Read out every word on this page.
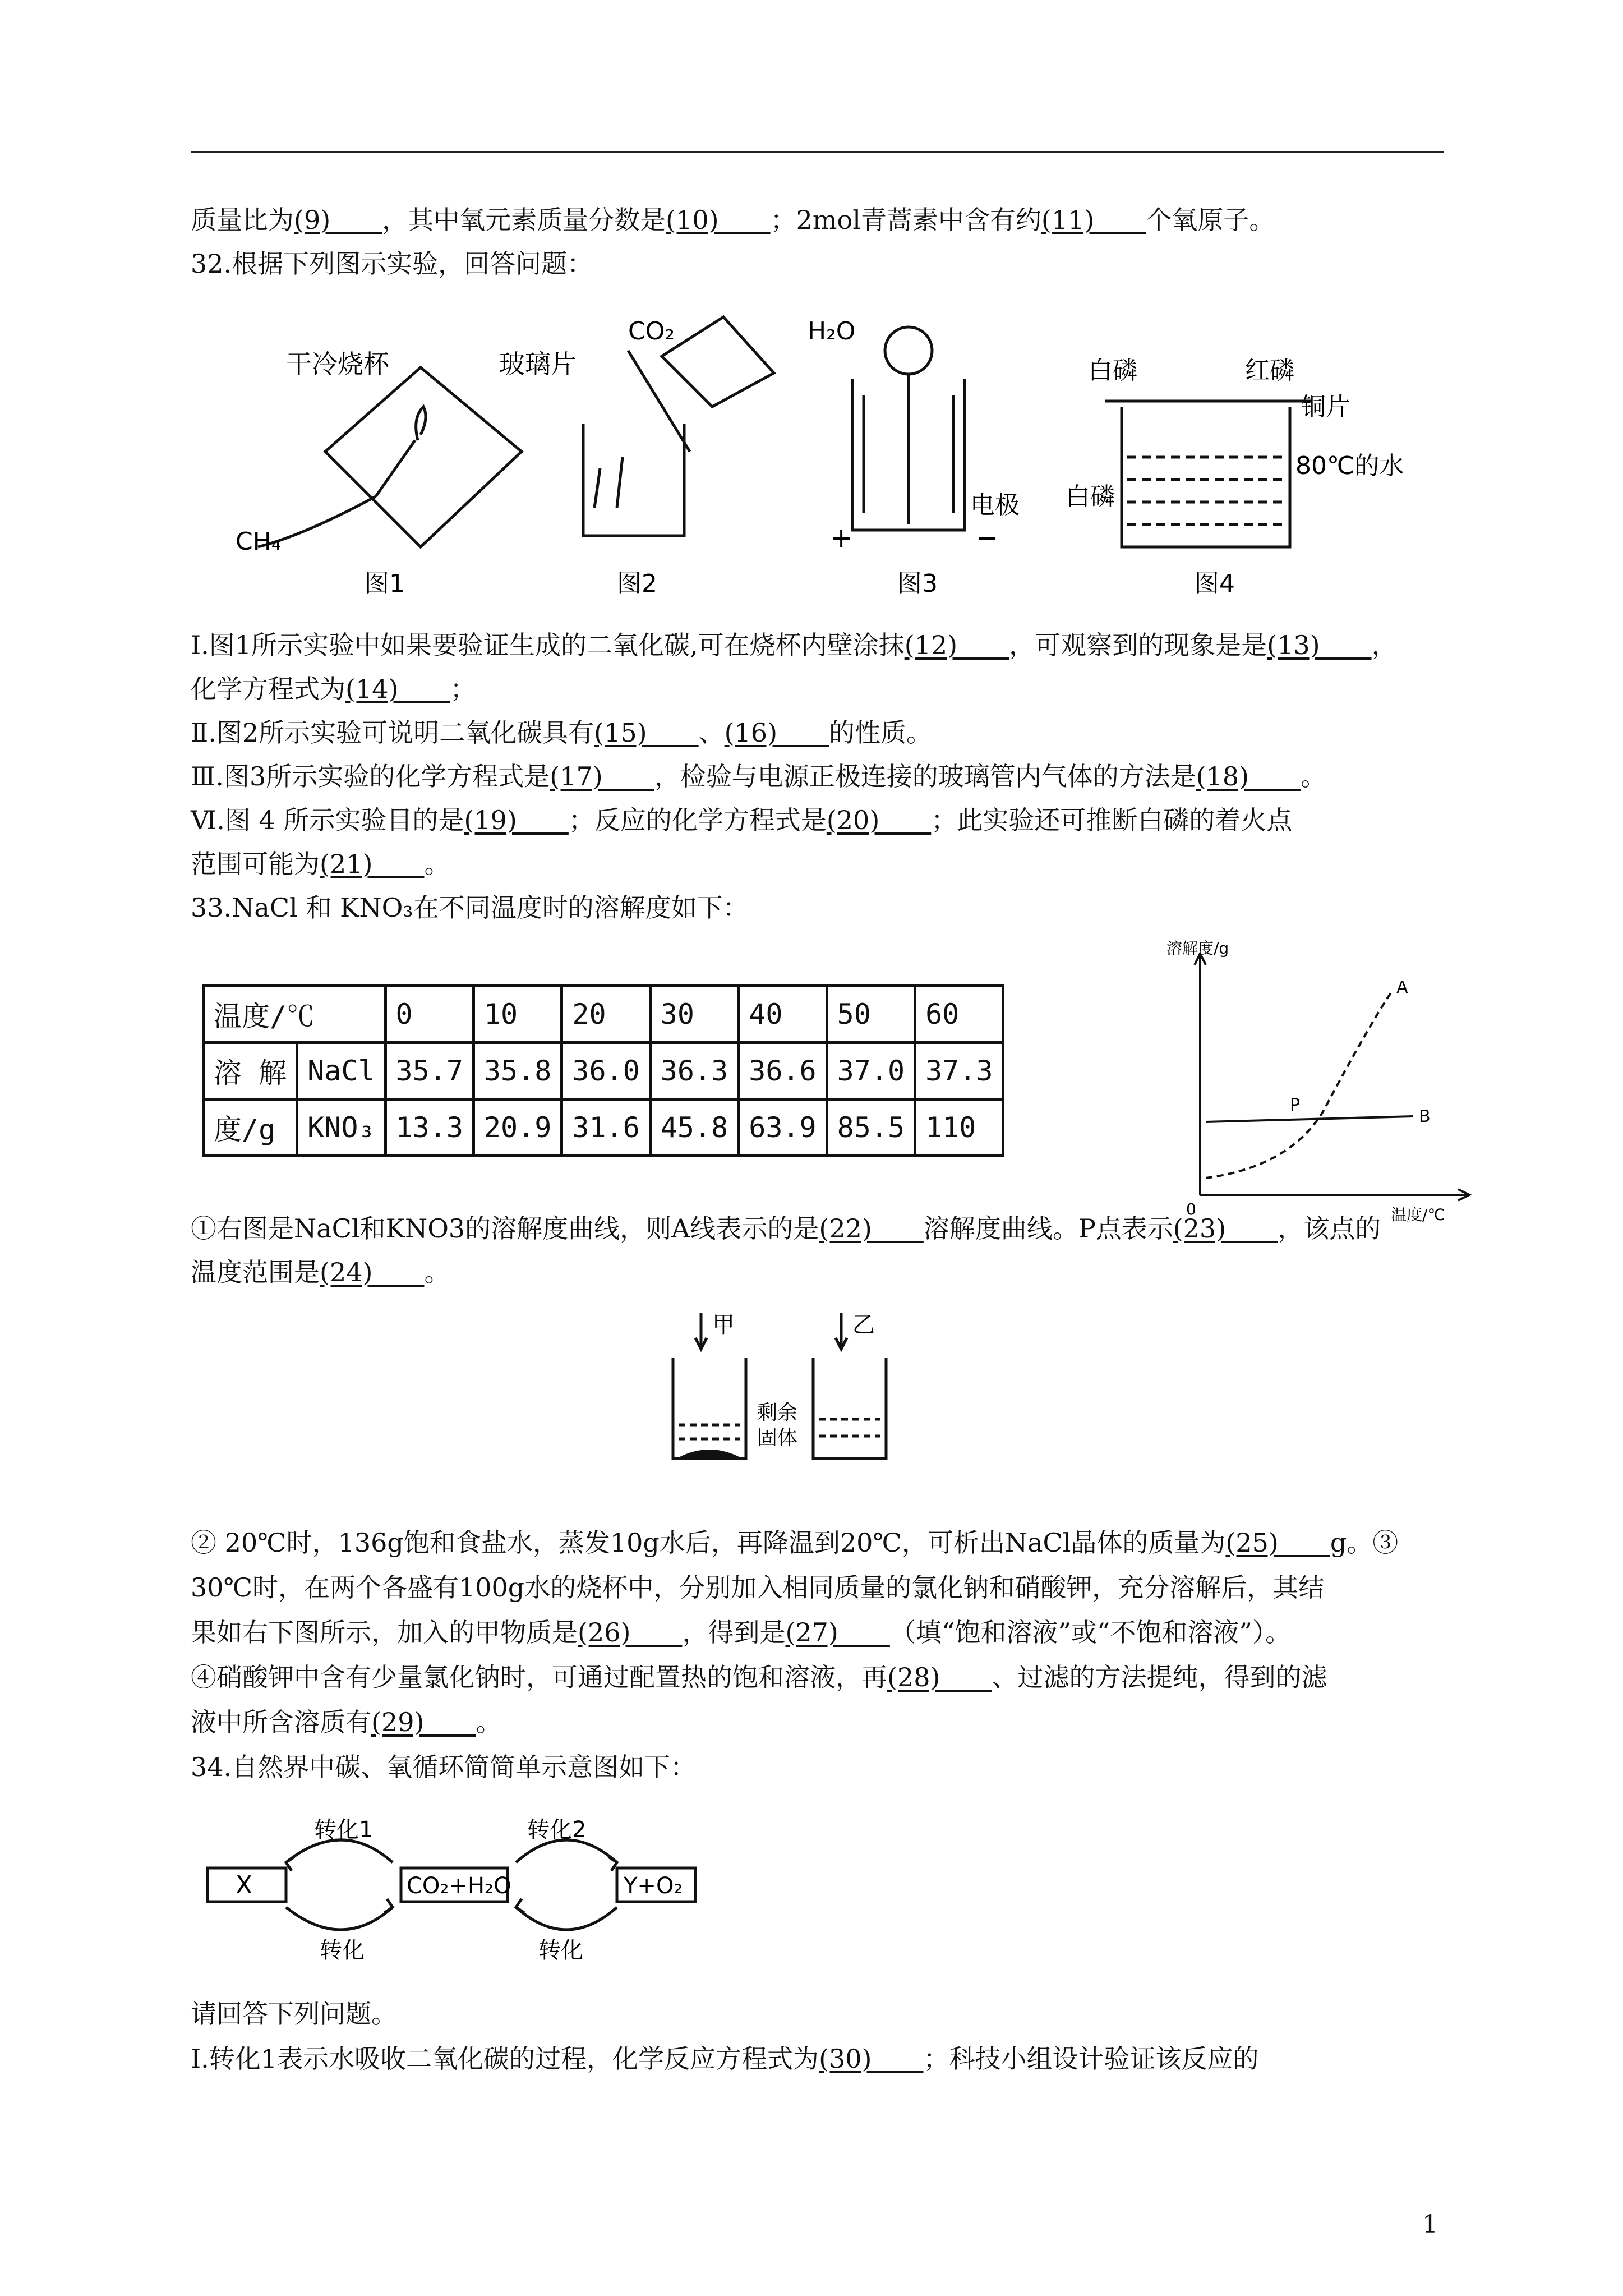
质量比为(9)  ，其中氧元素质量分数是(10)  ；2mol青蒿素中含有约(11)  个氧原子。
32.根据下列图示实验，回答问题：
干冷烧杯
CH₄
图1
玻璃片
CO₂
图2
H₂O
电极
+	−
图3
白磷	红磷
铜片
80℃的水
白磷
图4
Ⅰ.图1所示实验中如果要验证生成的二氧化碳,可在烧杯内壁涂抹(12)  ，可观察到的现象是是(13)  ，
化学方程式为(14)  ；
Ⅱ.图2所示实验可说明二氧化碳具有(15)  、(16)  的性质。
Ⅲ.图3所示实验的化学方程式是(17)  ，检验与电源正极连接的玻璃管内气体的方法是(18)  。
Ⅵ.图 4 所示实验目的是(19)  ；反应的化学方程式是(20)  ；此实验还可推断白磷的着火点
范围可能为(21)  。
33.NaCl 和 KNO₃在不同温度时的溶解度如下：
温度/℃		0	10	20	30	40	50	60
溶 解	NaCl	35.7	35.8	36.0	36.3	36.6	37.0	37.3
度/g	KNO₃	13.3	20.9	31.6	45.8	63.9	85.5	110
溶解度/g
温度/℃
0
A
B
P
①右图是NaCl和KNO3的溶解度曲线，则A线表示的是(22)  溶解度曲线。P点表示(23)  ，该点的
温度范围是(24)  。
甲	乙
剩余
固体
② 20℃时，136g饱和食盐水，蒸发10g水后，再降温到20℃，可析出NaCl晶体的质量为(25)  g。③
30℃时，在两个各盛有100g水的烧杯中，分别加入相同质量的氯化钠和硝酸钾，充分溶解后，其结
果如右下图所示，加入的甲物质是(26)  ，得到是(27)  （填“饱和溶液”或“不饱和溶液”）。
④硝酸钾中含有少量氯化钠时，可通过配置热的饱和溶液，再(28)  、过滤的方法提纯，得到的滤
液中所含溶质有(29)  。
34.自然界中碳、氧循环简简单示意图如下：
X	CO₂+H₂O	Y+O₂
转化1	转化2
转化	转化
请回答下列问题。
Ⅰ.转化1表示水吸收二氧化碳的过程，化学反应方程式为(30)  ；科技小组设计验证该反应的
1
